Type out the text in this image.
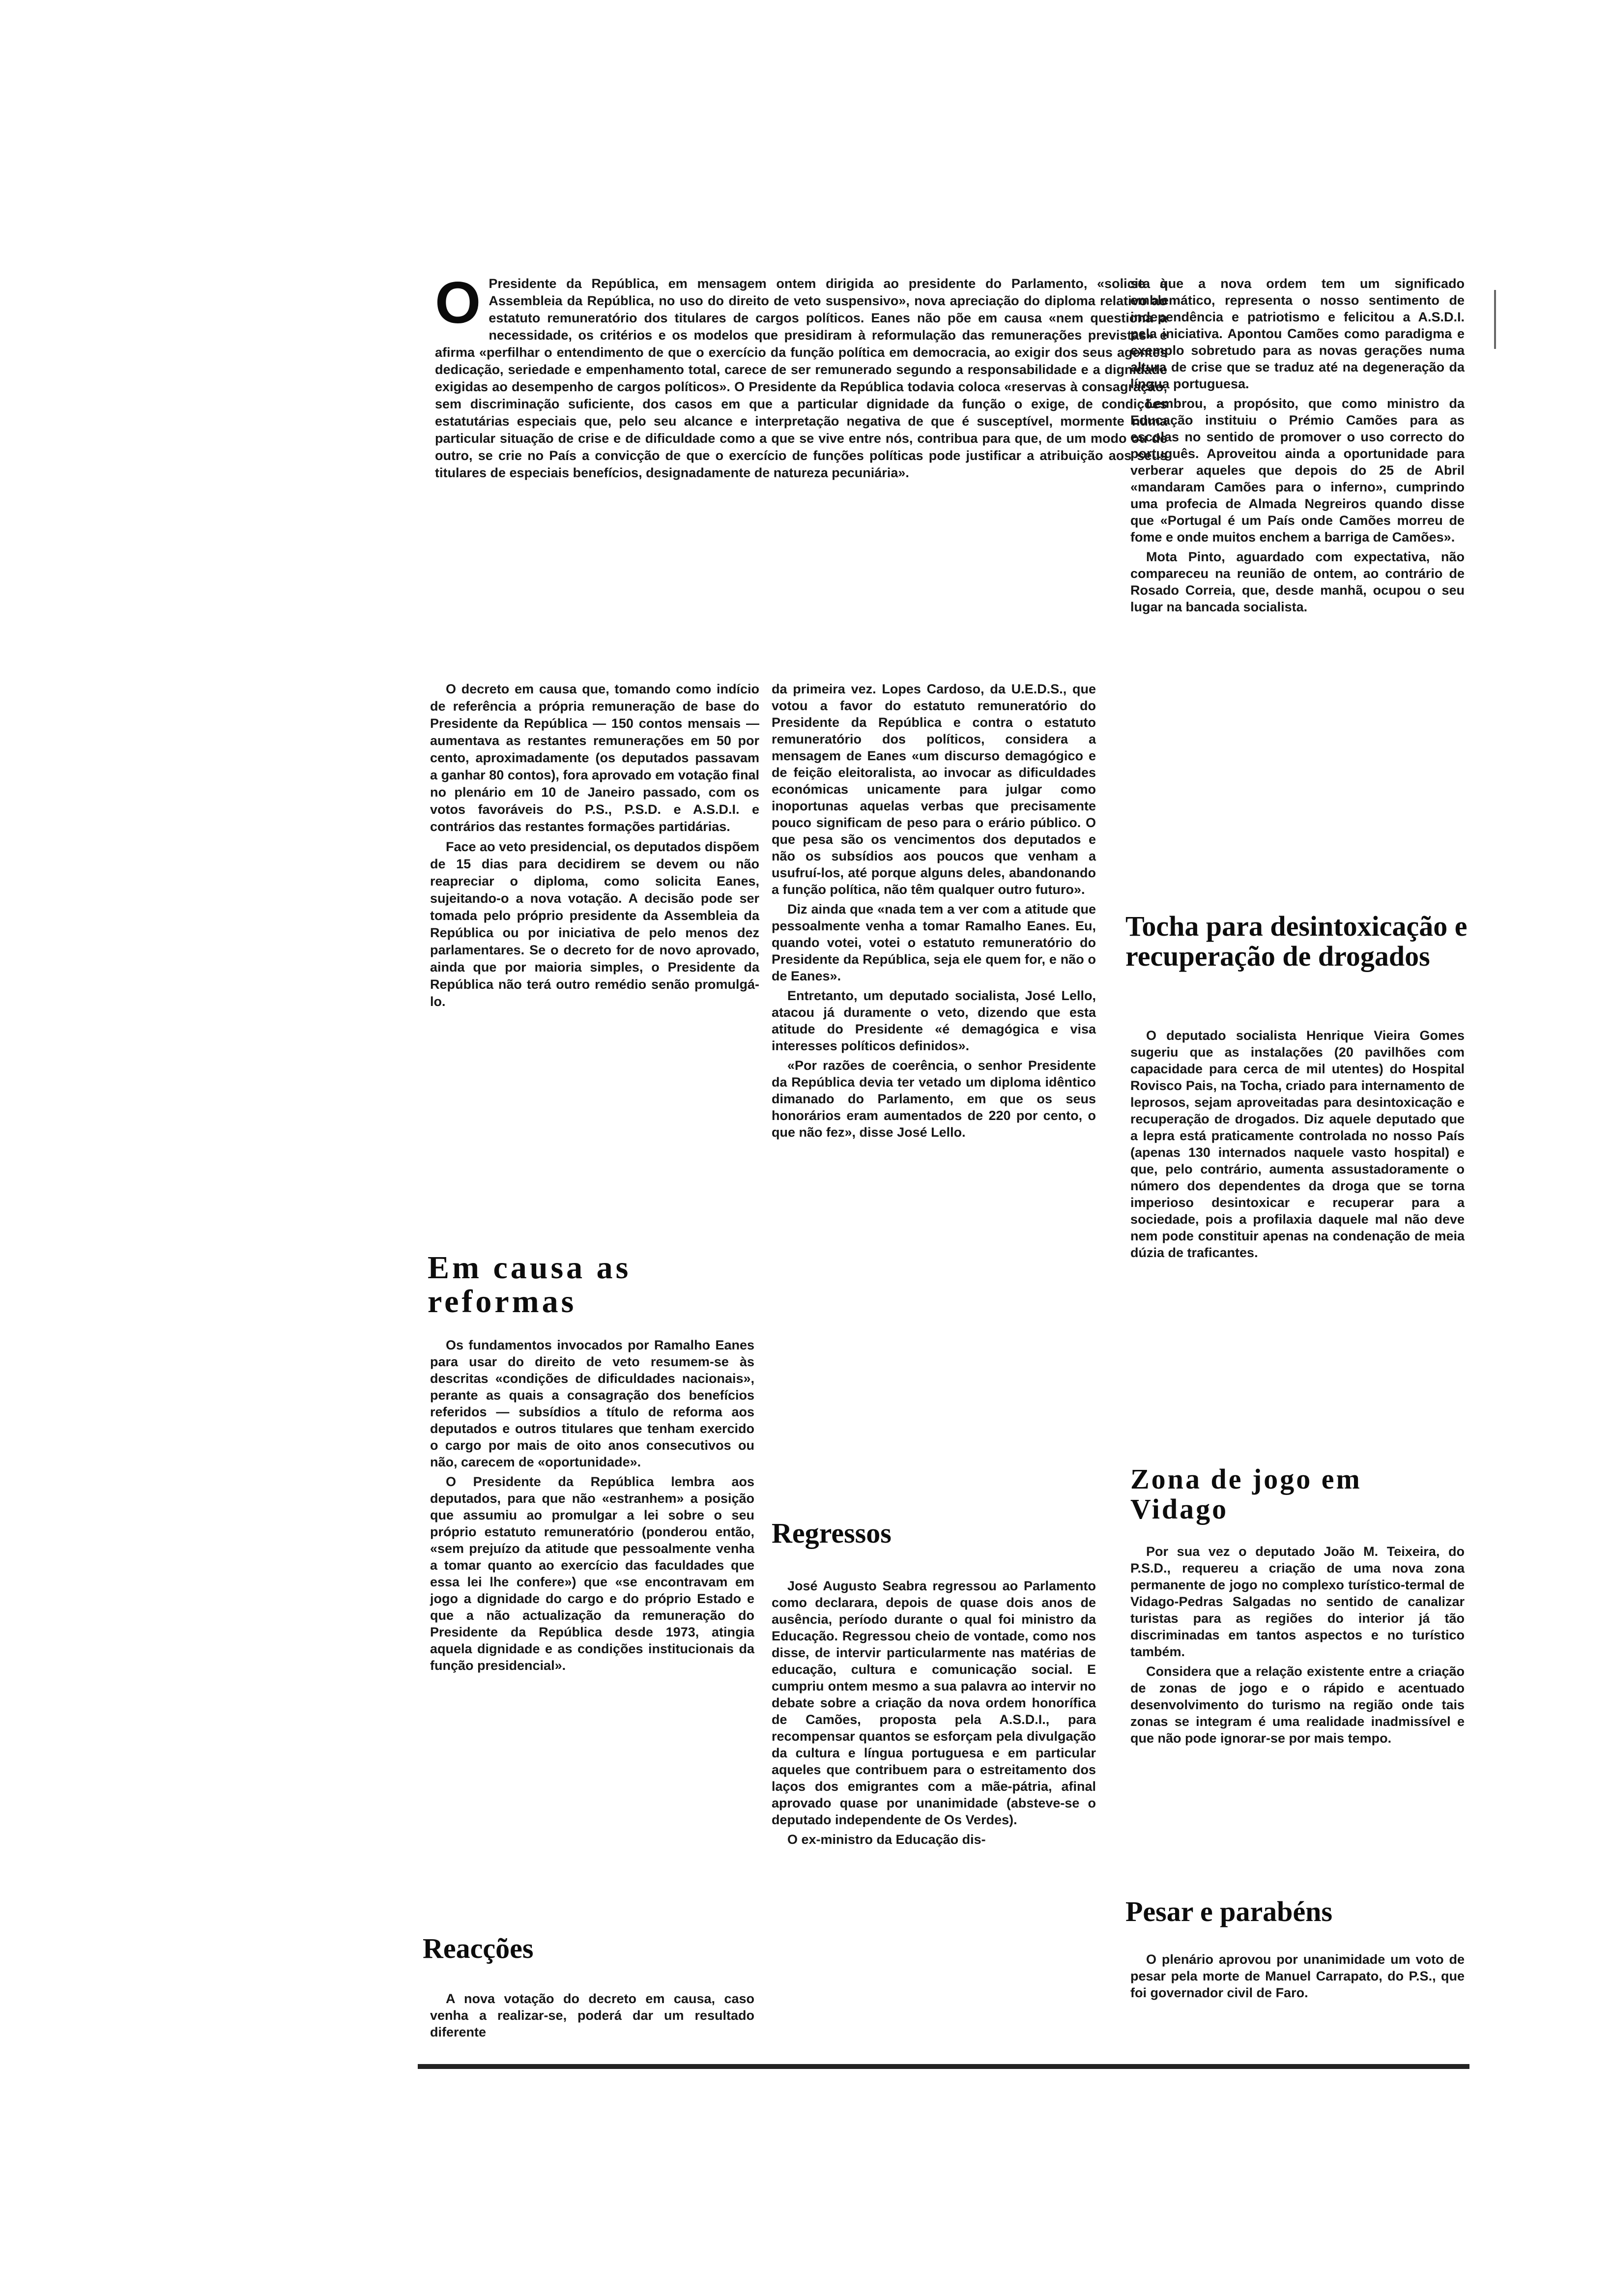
O Presidente da República, em mensagem ontem dirigida ao presidente do Parlamento, «solicita à Assembleia da República, no uso do direito de veto suspensivo», nova apreciação do diploma relativo ao estatuto remuneratório dos titulares de cargos políticos. Eanes não põe em causa «nem questiona a necessidade, os critérios e os modelos que presidiram à reformulação das remunerações previstas» e afirma «perfilhar o entendimento de que o exercício da função política em democracia, ao exigir dos seus agentes dedicação, seriedade e empenhamento total, carece de ser remunerado segundo a responsabilidade e a dignidade exigidas ao desempenho de cargos políticos». O Presidente da República todavia coloca «reservas à consagração, sem discriminação suficiente, dos casos em que a particular dignidade da função o exige, de condições estatutárias especiais que, pelo seu alcance e interpretação negativa de que é susceptível, mormente numa particular situação de crise e de dificuldade como a que se vive entre nós, contribua para que, de um modo ou de outro, se crie no País a convicção de que o exercício de funções políticas pode justificar a atribuição aos seus titulares de especiais benefícios, designadamente de natureza pecuniária».

O decreto em causa que, tomando como indício de referência a própria remuneração de base do Presidente da República — 150 contos mensais — aumentava as restantes remunerações em 50 por cento, aproximadamente (os deputados passavam a ganhar 80 contos), fora aprovado em votação final no plenário em 10 de Janeiro passado, com os votos favoráveis do P.S., P.S.D. e A.S.D.I. e contrários das restantes formações partidárias.

Face ao veto presidencial, os deputados dispõem de 15 dias para decidirem se devem ou não reapreciar o diploma, como solicita Eanes, sujeitando-o a nova votação. A decisão pode ser tomada pelo próprio presidente da Assembleia da República ou por iniciativa de pelo menos dez parlamentares. Se o decreto for de novo aprovado, ainda que por maioria simples, o Presidente da República não terá outro remédio senão promulgá-lo.

Em causa as reformas

Os fundamentos invocados por Ramalho Eanes para usar do direito de veto resumem-se às descritas «condições de dificuldades nacionais», perante as quais a consagração dos benefícios referidos — subsídios a título de reforma aos deputados e outros titulares que tenham exercido o cargo por mais de oito anos consecutivos ou não, carecem de «oportunidade».

O Presidente da República lembra aos deputados, para que não «estranhem» a posição que assumiu ao promulgar a lei sobre o seu próprio estatuto remuneratório (ponderou então, «sem prejuízo da atitude que pessoalmente venha a tomar quanto ao exercício das faculdades que essa lei lhe confere») que «se encontravam em jogo a dignidade do cargo e do próprio Estado e que a não actualização da remuneração do Presidente da República desde 1973, atingia aquela dignidade e as condições institucionais da função presidencial».

Reacções

A nova votação do decreto em causa, caso venha a realizar-se, poderá dar um resultado diferente

da primeira vez. Lopes Cardoso, da U.E.D.S., que votou a favor do estatuto remuneratório do Presidente da República e contra o estatuto remuneratório dos políticos, considera a mensagem de Eanes «um discurso demagógico e de feição eleitoralista, ao invocar as dificuldades económicas unicamente para julgar como inoportunas aquelas verbas que precisamente pouco significam de peso para o erário público. O que pesa são os vencimentos dos deputados e não os subsídios aos poucos que venham a usufruí-los, até porque alguns deles, abandonando a função política, não têm qualquer outro futuro».

Diz ainda que «nada tem a ver com a atitude que pessoalmente venha a tomar Ramalho Eanes. Eu, quando votei, votei o estatuto remuneratório do Presidente da República, seja ele quem for, e não o de Eanes».

Entretanto, um deputado socialista, José Lello, atacou já duramente o veto, dizendo que esta atitude do Presidente «é demagógica e visa interesses políticos definidos».

«Por razões de coerência, o senhor Presidente da República devia ter vetado um diploma idêntico dimanado do Parlamento, em que os seus honorários eram aumentados de 220 por cento, o que não fez», disse José Lello.

Regressos

José Augusto Seabra regressou ao Parlamento como declarara, depois de quase dois anos de ausência, período durante o qual foi ministro da Educação. Regressou cheio de vontade, como nos disse, de intervir particularmente nas matérias de educação, cultura e comunicação social. E cumpriu ontem mesmo a sua palavra ao intervir no debate sobre a criação da nova ordem honorífica de Camões, proposta pela A.S.D.I., para recompensar quantos se esforçam pela divulgação da cultura e língua portuguesa e em particular aqueles que contribuem para o estreitamento dos laços dos emigrantes com a mãe-pátria, afinal aprovado quase por unanimidade (absteve-se o deputado independente de Os Verdes).

O ex-ministro da Educação dis-

se que a nova ordem tem um significado emblemático, representa o nosso sentimento de independência e patriotismo e felicitou a A.S.D.I. pela iniciativa. Apontou Camões como paradigma e exemplo sobretudo para as novas gerações numa altura de crise que se traduz até na degeneração da língua portuguesa.

Lembrou, a propósito, que como ministro da Educação instituiu o Prémio Camões para as escolas no sentido de promover o uso correcto do português. Aproveitou ainda a oportunidade para verberar aqueles que depois do 25 de Abril «mandaram Camões para o inferno», cumprindo uma profecia de Almada Negreiros quando disse que «Portugal é um País onde Camões morreu de fome e onde muitos enchem a barriga de Camões».

Mota Pinto, aguardado com expectativa, não compareceu na reunião de ontem, ao contrário de Rosado Correia, que, desde manhã, ocupou o seu lugar na bancada socialista.

Tocha para desintoxicação e recuperação de drogados

O deputado socialista Henrique Vieira Gomes sugeriu que as instalações (20 pavilhões com capacidade para cerca de mil utentes) do Hospital Rovisco Pais, na Tocha, criado para internamento de leprosos, sejam aproveitadas para desintoxicação e recuperação de drogados. Diz aquele deputado que a lepra está praticamente controlada no nosso País (apenas 130 internados naquele vasto hospital) e que, pelo contrário, aumenta assustadoramente o número dos dependentes da droga que se torna imperioso desintoxicar e recuperar para a sociedade, pois a profilaxia daquele mal não deve nem pode constituir apenas na condenação de meia dúzia de traficantes.

Zona de jogo em Vidago

Por sua vez o deputado João M. Teixeira, do P.S.D., requereu a criação de uma nova zona permanente de jogo no complexo turístico-termal de Vidago-Pedras Salgadas no sentido de canalizar turistas para as regiões do interior já tão discriminadas em tantos aspectos e no turístico também.

Considera que a relação existente entre a criação de zonas de jogo e o rápido e acentuado desenvolvimento do turismo na região onde tais zonas se integram é uma realidade inadmissível e que não pode ignorar-se por mais tempo.

Pesar e parabéns

O plenário aprovou por unanimidade um voto de pesar pela morte de Manuel Carrapato, do P.S., que foi governador civil de Faro.
